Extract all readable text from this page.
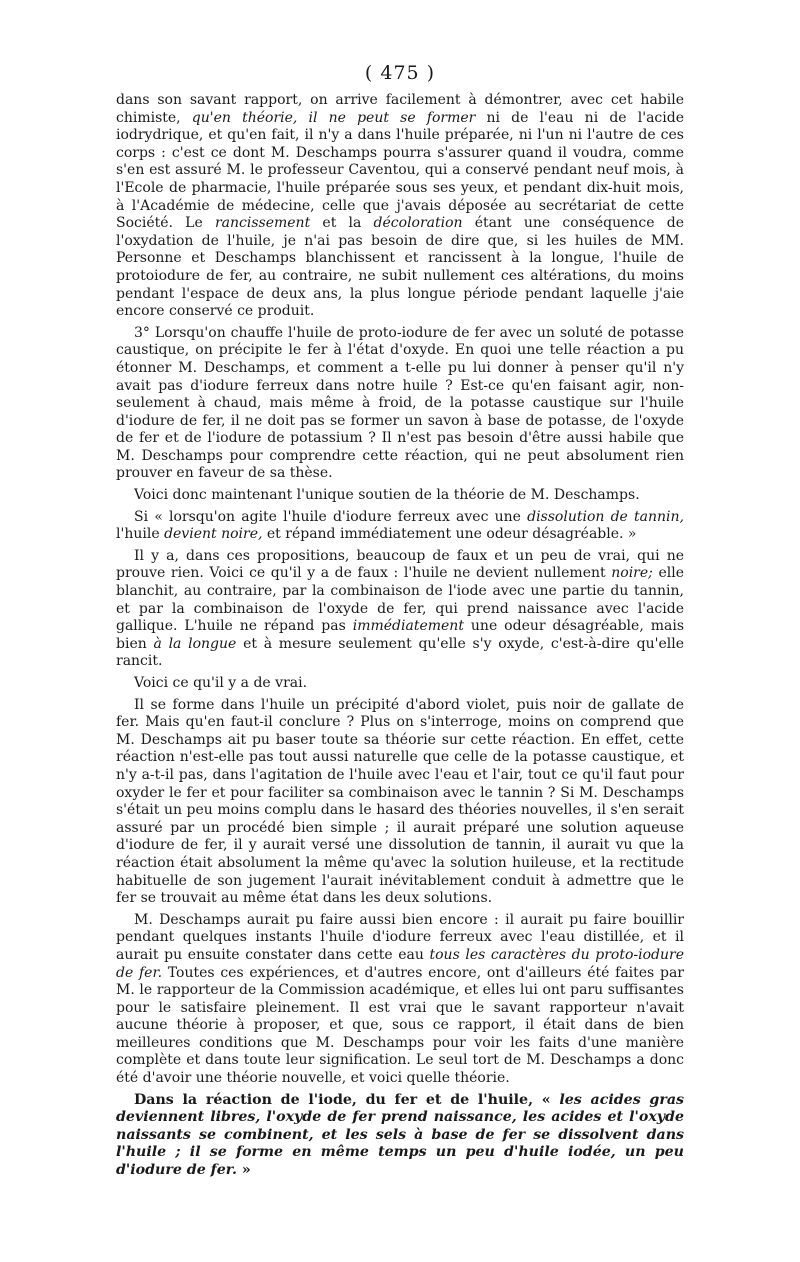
( 475 )

dans son savant rapport, on arrive facilement à démontrer, avec cet habile chimiste, qu'en théorie, il ne peut se former ni de l'eau ni de l'acide iodrydrique, et qu'en fait, il n'y a dans l'huile préparée, ni l'un ni l'autre de ces corps : c'est ce dont M. Deschamps pourra s'assurer quand il voudra, comme s'en est assuré M. le professeur Caventou, qui a conservé pendant neuf mois, à l'Ecole de pharmacie, l'huile préparée sous ses yeux, et pendant dix-huit mois, à l'Académie de médecine, celle que j'avais déposée au secrétariat de cette Société. Le rancissement et la décoloration étant une conséquence de l'oxydation de l'huile, je n'ai pas besoin de dire que, si les huiles de MM. Personne et Deschamps blanchissent et rancissent à la longue, l'huile de protoiodure de fer, au contraire, ne subit nullement ces altérations, du moins pendant l'espace de deux ans, la plus longue période pendant laquelle j'aie encore conservé ce produit.

3° Lorsqu'on chauffe l'huile de proto-iodure de fer avec un soluté de potasse caustique, on précipite le fer à l'état d'oxyde. En quoi une telle réaction a pu étonner M. Deschamps, et comment a t-elle pu lui donner à penser qu'il n'y avait pas d'iodure ferreux dans notre huile ? Est-ce qu'en faisant agir, non-seulement à chaud, mais même à froid, de la potasse caustique sur l'huile d'iodure de fer, il ne doit pas se former un savon à base de potasse, de l'oxyde de fer et de l'iodure de potassium ? Il n'est pas besoin d'être aussi habile que M. Deschamps pour comprendre cette réaction, qui ne peut absolument rien prouver en faveur de sa thèse.

Voici donc maintenant l'unique soutien de la théorie de M. Deschamps.

Si « lorsqu'on agite l'huile d'iodure ferreux avec une dissolution de tannin, l'huile devient noire, et répand immédiatement une odeur désagréable. »

Il y a, dans ces propositions, beaucoup de faux et un peu de vrai, qui ne prouve rien. Voici ce qu'il y a de faux : l'huile ne devient nullement noire; elle blanchit, au contraire, par la combinaison de l'iode avec une partie du tannin, et par la combinaison de l'oxyde de fer, qui prend naissance avec l'acide gallique. L'huile ne répand pas immédiatement une odeur désagréable, mais bien à la longue et à mesure seulement qu'elle s'y oxyde, c'est-à-dire qu'elle rancit.

Voici ce qu'il y a de vrai.

Il se forme dans l'huile un précipité d'abord violet, puis noir de gallate de fer. Mais qu'en faut-il conclure ? Plus on s'interroge, moins on comprend que M. Deschamps ait pu baser toute sa théorie sur cette réaction. En effet, cette réaction n'est-elle pas tout aussi naturelle que celle de la potasse caustique, et n'y a-t-il pas, dans l'agitation de l'huile avec l'eau et l'air, tout ce qu'il faut pour oxyder le fer et pour faciliter sa combinaison avec le tannin ? Si M. Deschamps s'était un peu moins complu dans le hasard des théories nouvelles, il s'en serait assuré par un procédé bien simple ; il aurait préparé une solution aqueuse d'iodure de fer, il y aurait versé une dissolution de tannin, il aurait vu que la réaction était absolument la même qu'avec la solution huileuse, et la rectitude habituelle de son jugement l'aurait inévitablement conduit à admettre que le fer se trouvait au même état dans les deux solutions.

M. Deschamps aurait pu faire aussi bien encore : il aurait pu faire bouillir pendant quelques instants l'huile d'iodure ferreux avec l'eau distillée, et il aurait pu ensuite constater dans cette eau tous les caractères du proto-iodure de fer. Toutes ces expériences, et d'autres encore, ont d'ailleurs été faites par M. le rapporteur de la Commission académique, et elles lui ont paru suffisantes pour le satisfaire pleinement. Il est vrai que le savant rapporteur n'avait aucune théorie à proposer, et que, sous ce rapport, il était dans de bien meilleures conditions que M. Deschamps pour voir les faits d'une manière complète et dans toute leur signification. Le seul tort de M. Deschamps a donc été d'avoir une théorie nouvelle, et voici quelle théorie.

Dans la réaction de l'iode, du fer et de l'huile, « les acides gras deviennent libres, l'oxyde de fer prend naissance, les acides et l'oxyde naissants se combinent, et les sels à base de fer se dissolvent dans l'huile ; il se forme en même temps un peu d'huile iodée, un peu d'iodure de fer. »
